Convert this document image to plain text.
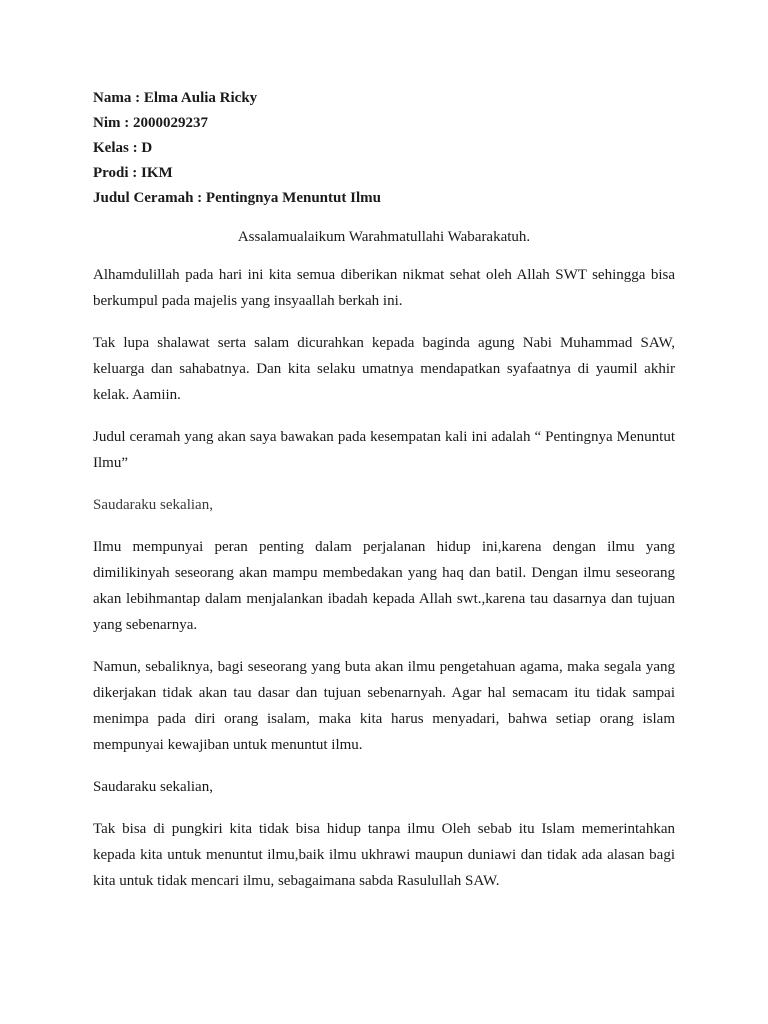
Nama : Elma Aulia Ricky
Nim : 2000029237
Kelas : D
Prodi : IKM
Judul Ceramah : Pentingnya Menuntut Ilmu
Assalamualaikum Warahmatullahi Wabarakatuh.

Alhamdulillah pada hari ini kita semua diberikan nikmat sehat oleh Allah SWT sehingga bisa berkumpul pada majelis yang insyaallah berkah ini.

Tak lupa shalawat serta salam dicurahkan kepada baginda agung Nabi Muhammad SAW, keluarga dan sahabatnya. Dan kita selaku umatnya mendapatkan syafaatnya di yaumil akhir kelak. Aamiin.

Judul ceramah yang akan saya bawakan pada kesempatan kali ini adalah “ Pentingnya Menuntut Ilmu”

Saudaraku sekalian,

Ilmu mempunyai peran penting dalam perjalanan hidup ini,karena dengan ilmu yang dimilikinyah seseorang akan mampu membedakan yang haq dan batil. Dengan ilmu seseorang akan lebihmantap dalam menjalankan ibadah kepada Allah swt.,karena tau dasarnya dan tujuan yang sebenarnya.

Namun, sebaliknya, bagi seseorang yang buta akan ilmu pengetahuan agama, maka segala yang dikerjakan tidak akan tau dasar dan tujuan sebenarnyah. Agar hal semacam itu tidak sampai menimpa pada diri orang isalam, maka kita harus menyadari, bahwa setiap orang islam mempunyai kewajiban untuk menuntut ilmu.

Saudaraku sekalian,

Tak bisa di pungkiri kita tidak bisa hidup tanpa ilmu Oleh sebab itu Islam memerintahkan kepada kita untuk menuntut ilmu,baik ilmu ukhrawi maupun duniawi dan tidak ada alasan bagi kita untuk tidak mencari ilmu, sebagaimana sabda Rasulullah SAW.
